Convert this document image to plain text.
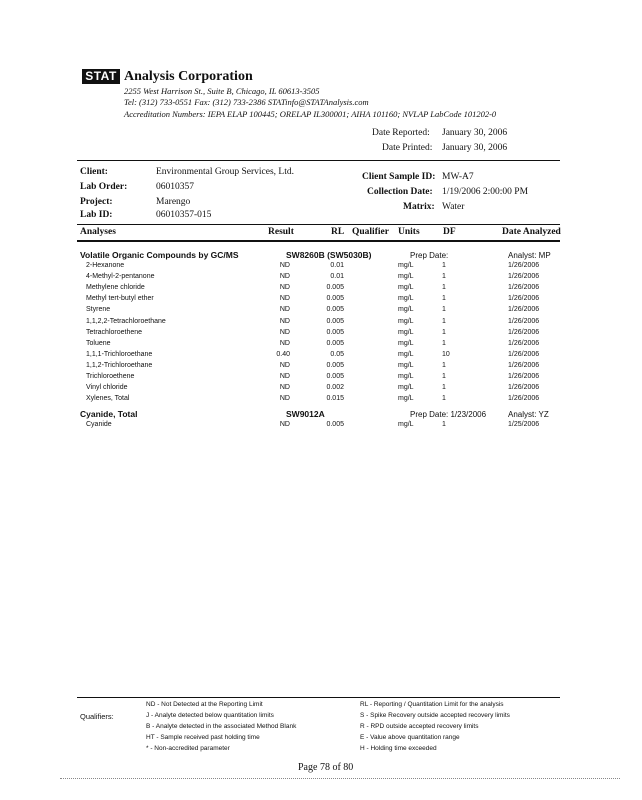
STAT Analysis Corporation
2255 West Harrison St., Suite B, Chicago, IL 60613-3505
Tel: (312) 733-0551 Fax: (312) 733-2386 STATinfo@STATAnalysis.com
Accreditation Numbers: IEPA ELAP 100445; ORELAP IL300001; AIHA 101160; NVLAP LabCode 101202-0
Date Reported: January 30, 2006
Date Printed: January 30, 2006
Client:	Environmental Group Services, Ltd.
Lab Order:	06010357
Project:	Marengo
Lab ID:	06010357-015
Client Sample ID: MW-A7
Collection Date: 1/19/2006 2:00:00 PM
Matrix: Water
Analyses	Result	RL Qualifier Units DF	Date Analyzed
Volatile Organic Compounds by GC/MS	SW8260B (SW5030B)	Prep Date:	Analyst: MP
2-Hexanone	ND	0.01	mg/L	1	1/26/2006
4-Methyl-2-pentanone	ND	0.01	mg/L	1	1/26/2006
Methylene chloride	ND	0.005	mg/L	1	1/26/2006
Methyl tert-butyl ether	ND	0.005	mg/L	1	1/26/2006
Styrene	ND	0.005	mg/L	1	1/26/2006
1,1,2,2-Tetrachloroethane	ND	0.005	mg/L	1	1/26/2006
Tetrachloroethene	ND	0.005	mg/L	1	1/26/2006
Toluene	ND	0.005	mg/L	1	1/26/2006
1,1,1-Trichloroethane	0.40	0.05	mg/L	10	1/26/2006
1,1,2-Trichloroethane	ND	0.005	mg/L	1	1/26/2006
Trichloroethene	ND	0.005	mg/L	1	1/26/2006
Vinyl chloride	ND	0.002	mg/L	1	1/26/2006
Xylenes, Total	ND	0.015	mg/L	1	1/26/2006
Cyanide, Total	SW9012A	Prep Date: 1/23/2006	Analyst: YZ
Cyanide	ND	0.005	mg/L	1	1/25/2006
Qualifiers:
ND - Not Detected at the Reporting Limit
J - Analyte detected below quantitation limits
B - Analyte detected in the associated Method Blank
HT - Sample received past holding time
* - Non-accredited parameter
RL - Reporting / Quantitation Limit for the analysis
S - Spike Recovery outside accepted recovery limits
R - RPD outside accepted recovery limits
E - Value above quantitation range
H - Holding time exceeded
Page 78 of 80
